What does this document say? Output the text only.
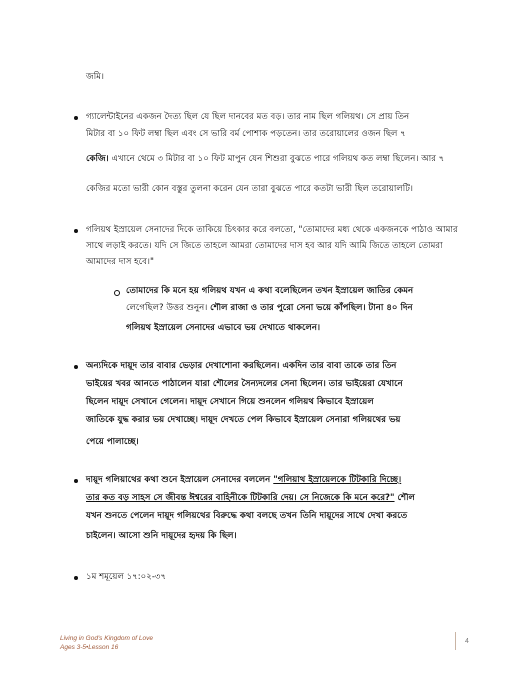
জমি।
গ্যালেন্টাইনের একজন দৈত্য ছিল যে ছিল দানবের মত বড়। তার নাম ছিল গলিয়থ। সে প্রায় তিন
মিটার বা ১০ ফিট লম্বা ছিল এবং সে ভারি বর্ম পোশাক পড়তেন। তার তরোয়ালের ওজন ছিল ৭
কেজি। এখানে থেমে ৩ মিটার বা ১০ ফিট মাপুন যেন শিশুরা বুঝতে পারে গলিয়থ কত লম্বা ছিলেন। আর ৭
কেজির মতো ভারী কোন বস্তুর তুলনা করেন যেন তারা বুঝতে পারে কতটা ভারী ছিল তরোয়ালটি।
গলিয়থ ইস্রায়েল সেনাদের দিকে তাকিয়ে চিৎকার করে বলতো, "তোমাদের মধ্য থেকে একজনকে পাঠাও আমার
সাথে লড়াই করতে। যদি সে জিতে তাহলে আমরা তোমাদের দাস হব আর যদি আমি জিতে তাহলে তোমরা
আমাদের দাস হবে।"
তোমাদের কি মনে হয় গলিয়থ যখন এ কথা বলেছিলেন তখন ইস্রায়েল জাতির কেমন
লেগেছিল? উত্তর শুনুন। শৌল রাজা ও তার পুরো সেনা ভয়ে কাঁপছিল। টানা ৪০ দিন
গলিয়থ ইস্রায়েল সেনাদের এভাবে ভয় দেখাতে থাকলেন।
অন্যদিকে দায়ূদ তার বাবার ভেড়ার দেখাশোনা করছিলেন। একদিন তার বাবা তাকে তার তিন
ভাইয়ের খবর আনতে পাঠালেন যারা শৌলের সৈন্যদলের সেনা ছিলেন। তার ভাইয়েরা যেখানে
ছিলেন দায়ূদ সেখানে গেলেন। দায়ূদ সেখানে গিয়ে শুনলেন গলিয়থ কিভাবে ইস্রায়েল
জাতিকে যুদ্ধ করার ভয় দেখাচ্ছে। দায়ূদ দেখতে পেল কিভাবে ইস্রায়েল সেনারা গলিয়থের ভয়
পেয়ে পালাচ্ছে।
দায়ূদ গলিয়াথের কথা শুনে ইস্রায়েল সেনাদের বললেন "গলিয়াথ ইস্রায়েলকে টিটকারি দিচ্ছে।
তার কত বড় সাহস সে জীবন্ত ঈশ্বরের বাহিনীকে টিটকারি দেয়। সে নিজেকে কি মনে করে?" শৌল
যখন শুনতে পেলেন দায়ূদ গলিয়থের বিরুদ্ধে কথা বলছে তখন তিনি দায়ূদের সাথে দেখা করতে
চাইলেন। আসো শুনি দায়ূদের হৃদয় কি ছিল।
১ম শমূয়েল ১৭:০২-৩৭
Living in God's Kingdom of Love
Ages 3-5•Lesson 16
4
